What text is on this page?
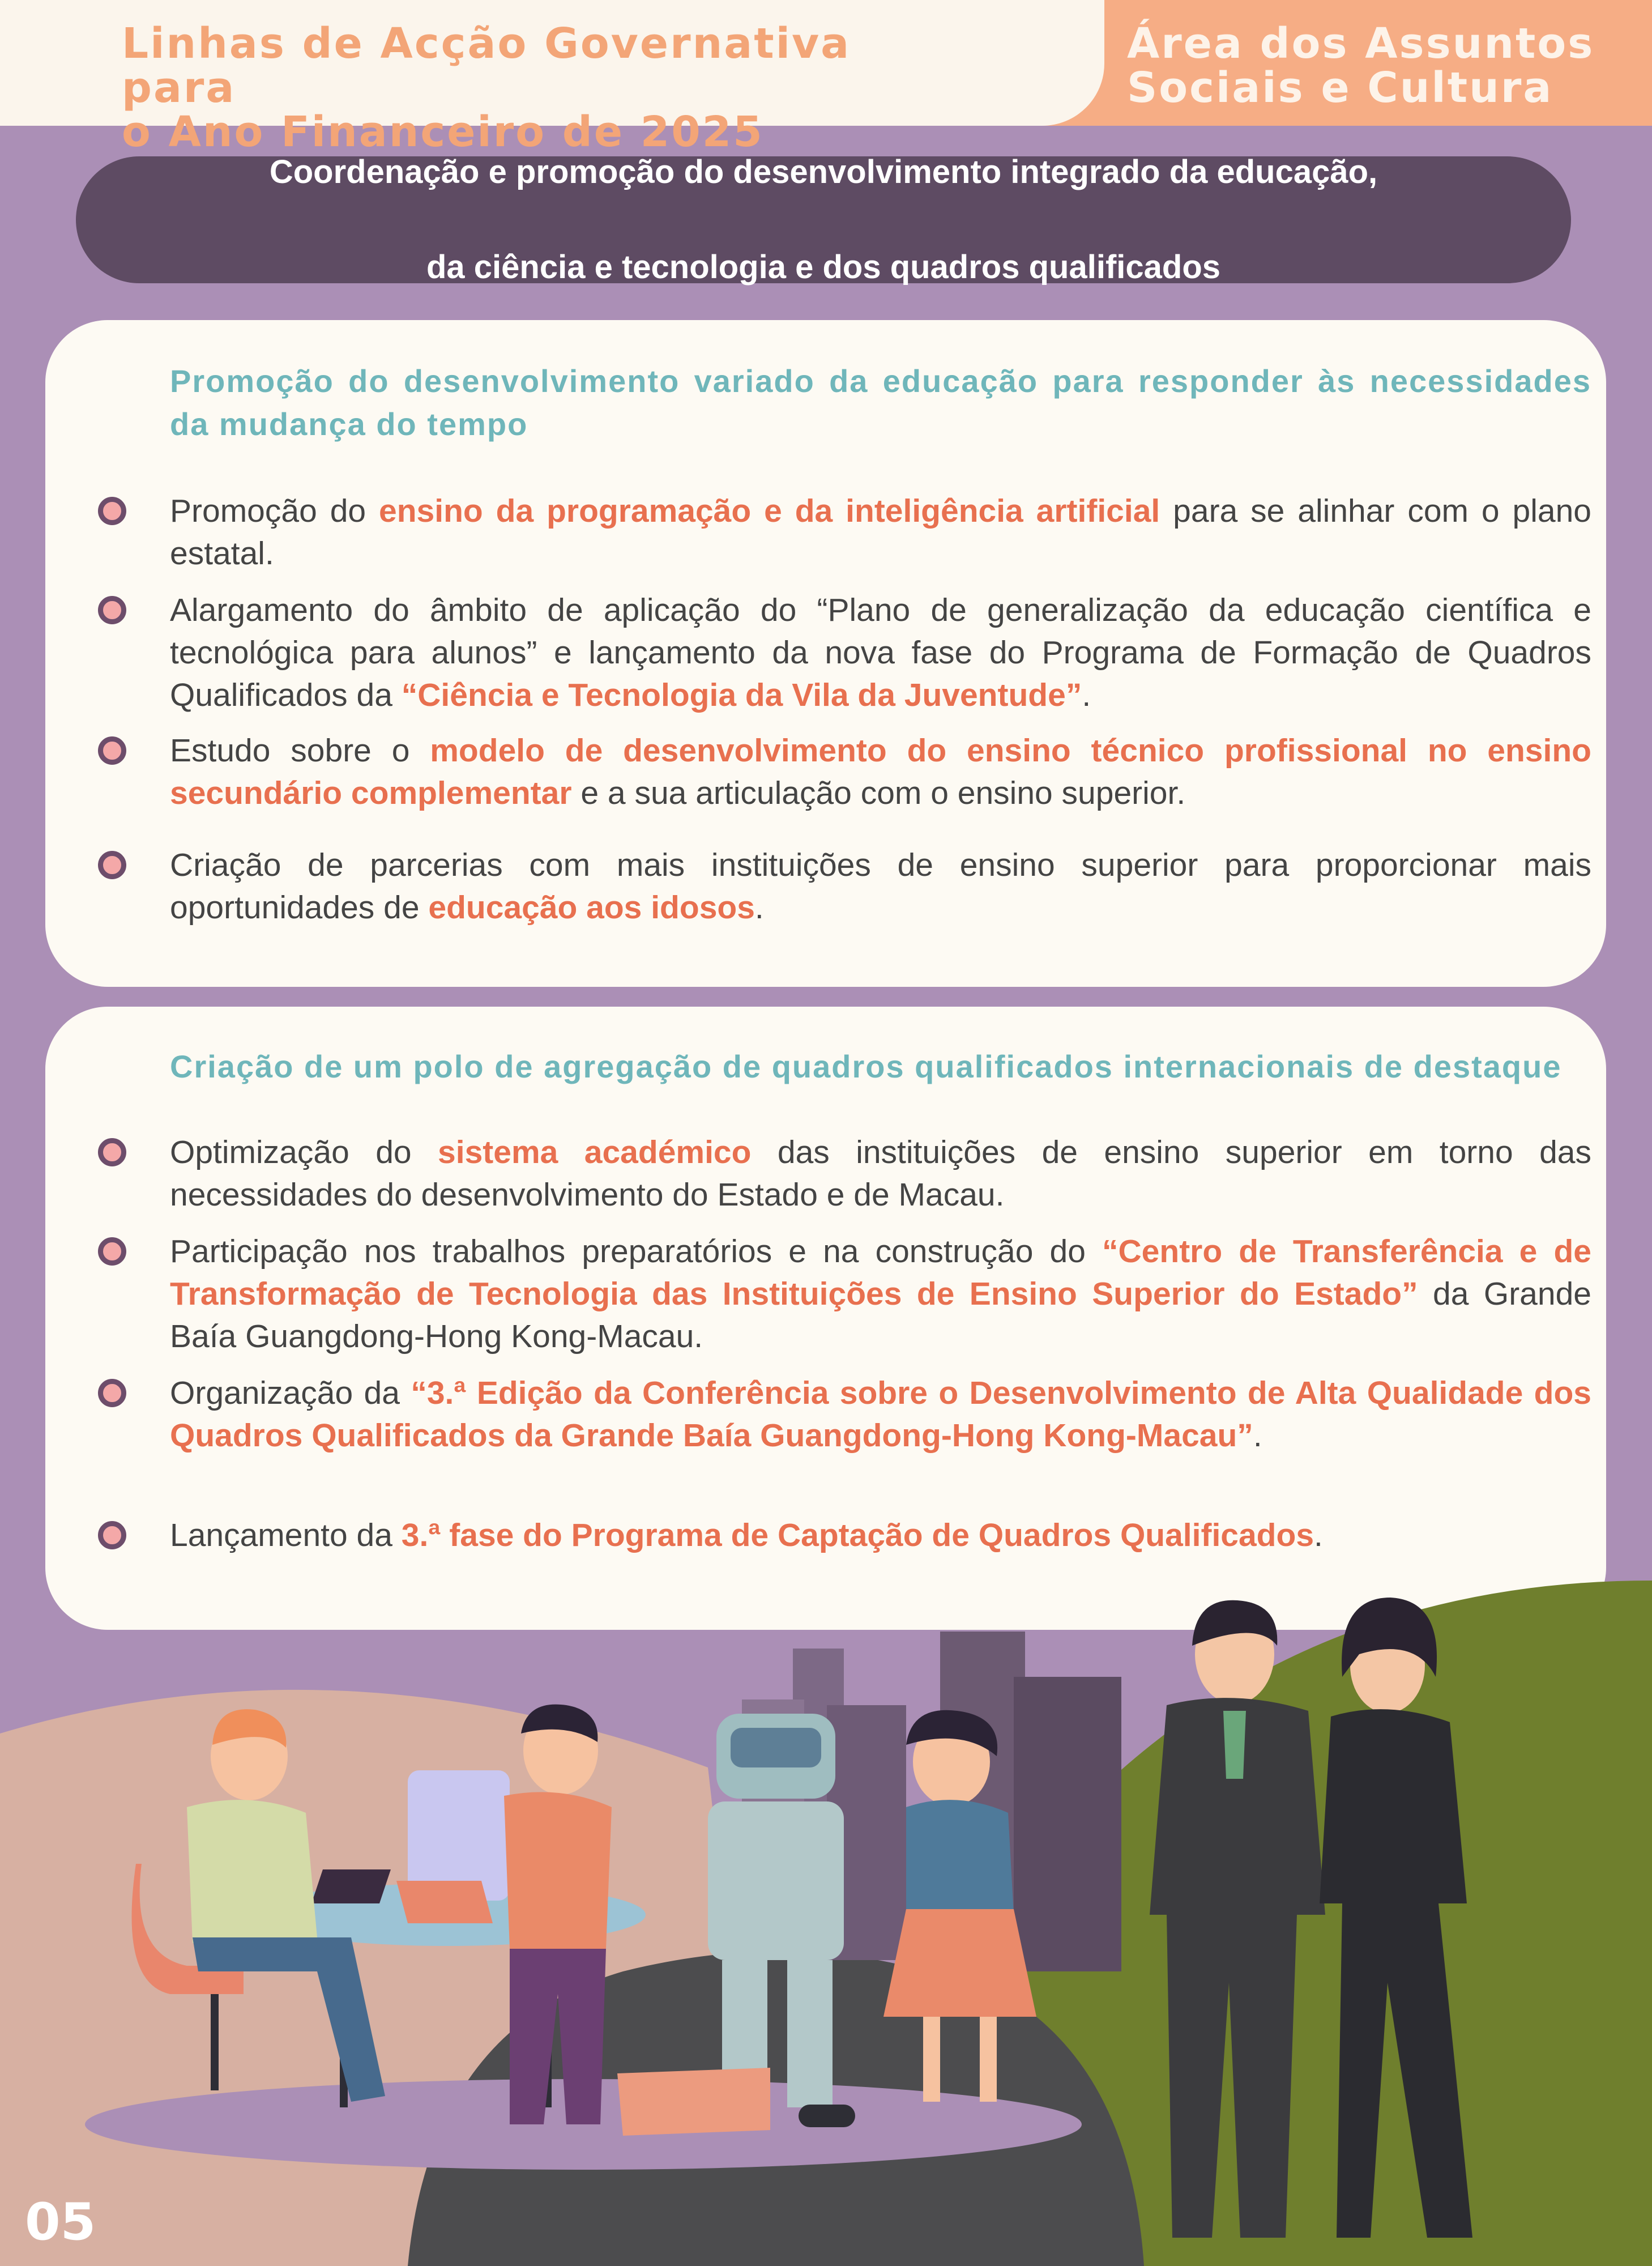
Linhas de Acção Governativa para
o Ano Financeiro de 2025
Área dos Assuntos
Sociais e Cultura

Coordenação e promoção do desenvolvimento integrado da educação,

da ciência e tecnologia e dos quadros qualificados

Promoção do desenvolvimento variado da educação para responder às necessidades da mudança do tempo
Promoção do ensino da programação e da inteligência artificial para se alinhar com o plano estatal.
Alargamento do âmbito de aplicação do “Plano de generalização da educação científica e tecnológica para alunos” e lançamento da nova fase do Programa de Formação de Quadros Qualificados da “Ciência e Tecnologia da Vila da Juventude”.
Estudo sobre o modelo de desenvolvimento do ensino técnico profissional no ensino secundário complementar e a sua articulação com o ensino superior.
Criação de parcerias com mais instituições de ensino superior para proporcionar mais oportunidades de educação aos idosos.
Criação de um polo de agregação de quadros qualificados internacionais de destaque
Optimização do sistema académico das instituições de ensino superior em torno das necessidades do desenvolvimento do Estado e de Macau.
Participação nos trabalhos preparatórios e na construção do “Centro de Transferência e de Transformação de Tecnologia das Instituições de Ensino Superior do Estado” da Grande Baía Guangdong-Hong Kong-Macau.
Organização da “3.ª Edição da Conferência sobre o Desenvolvimento de Alta Qualidade dos Quadros Qualificados da Grande Baía Guangdong-Hong Kong-Macau”.
Lançamento da 3.ª fase do Programa de Captação de Quadros Qualificados.
05
